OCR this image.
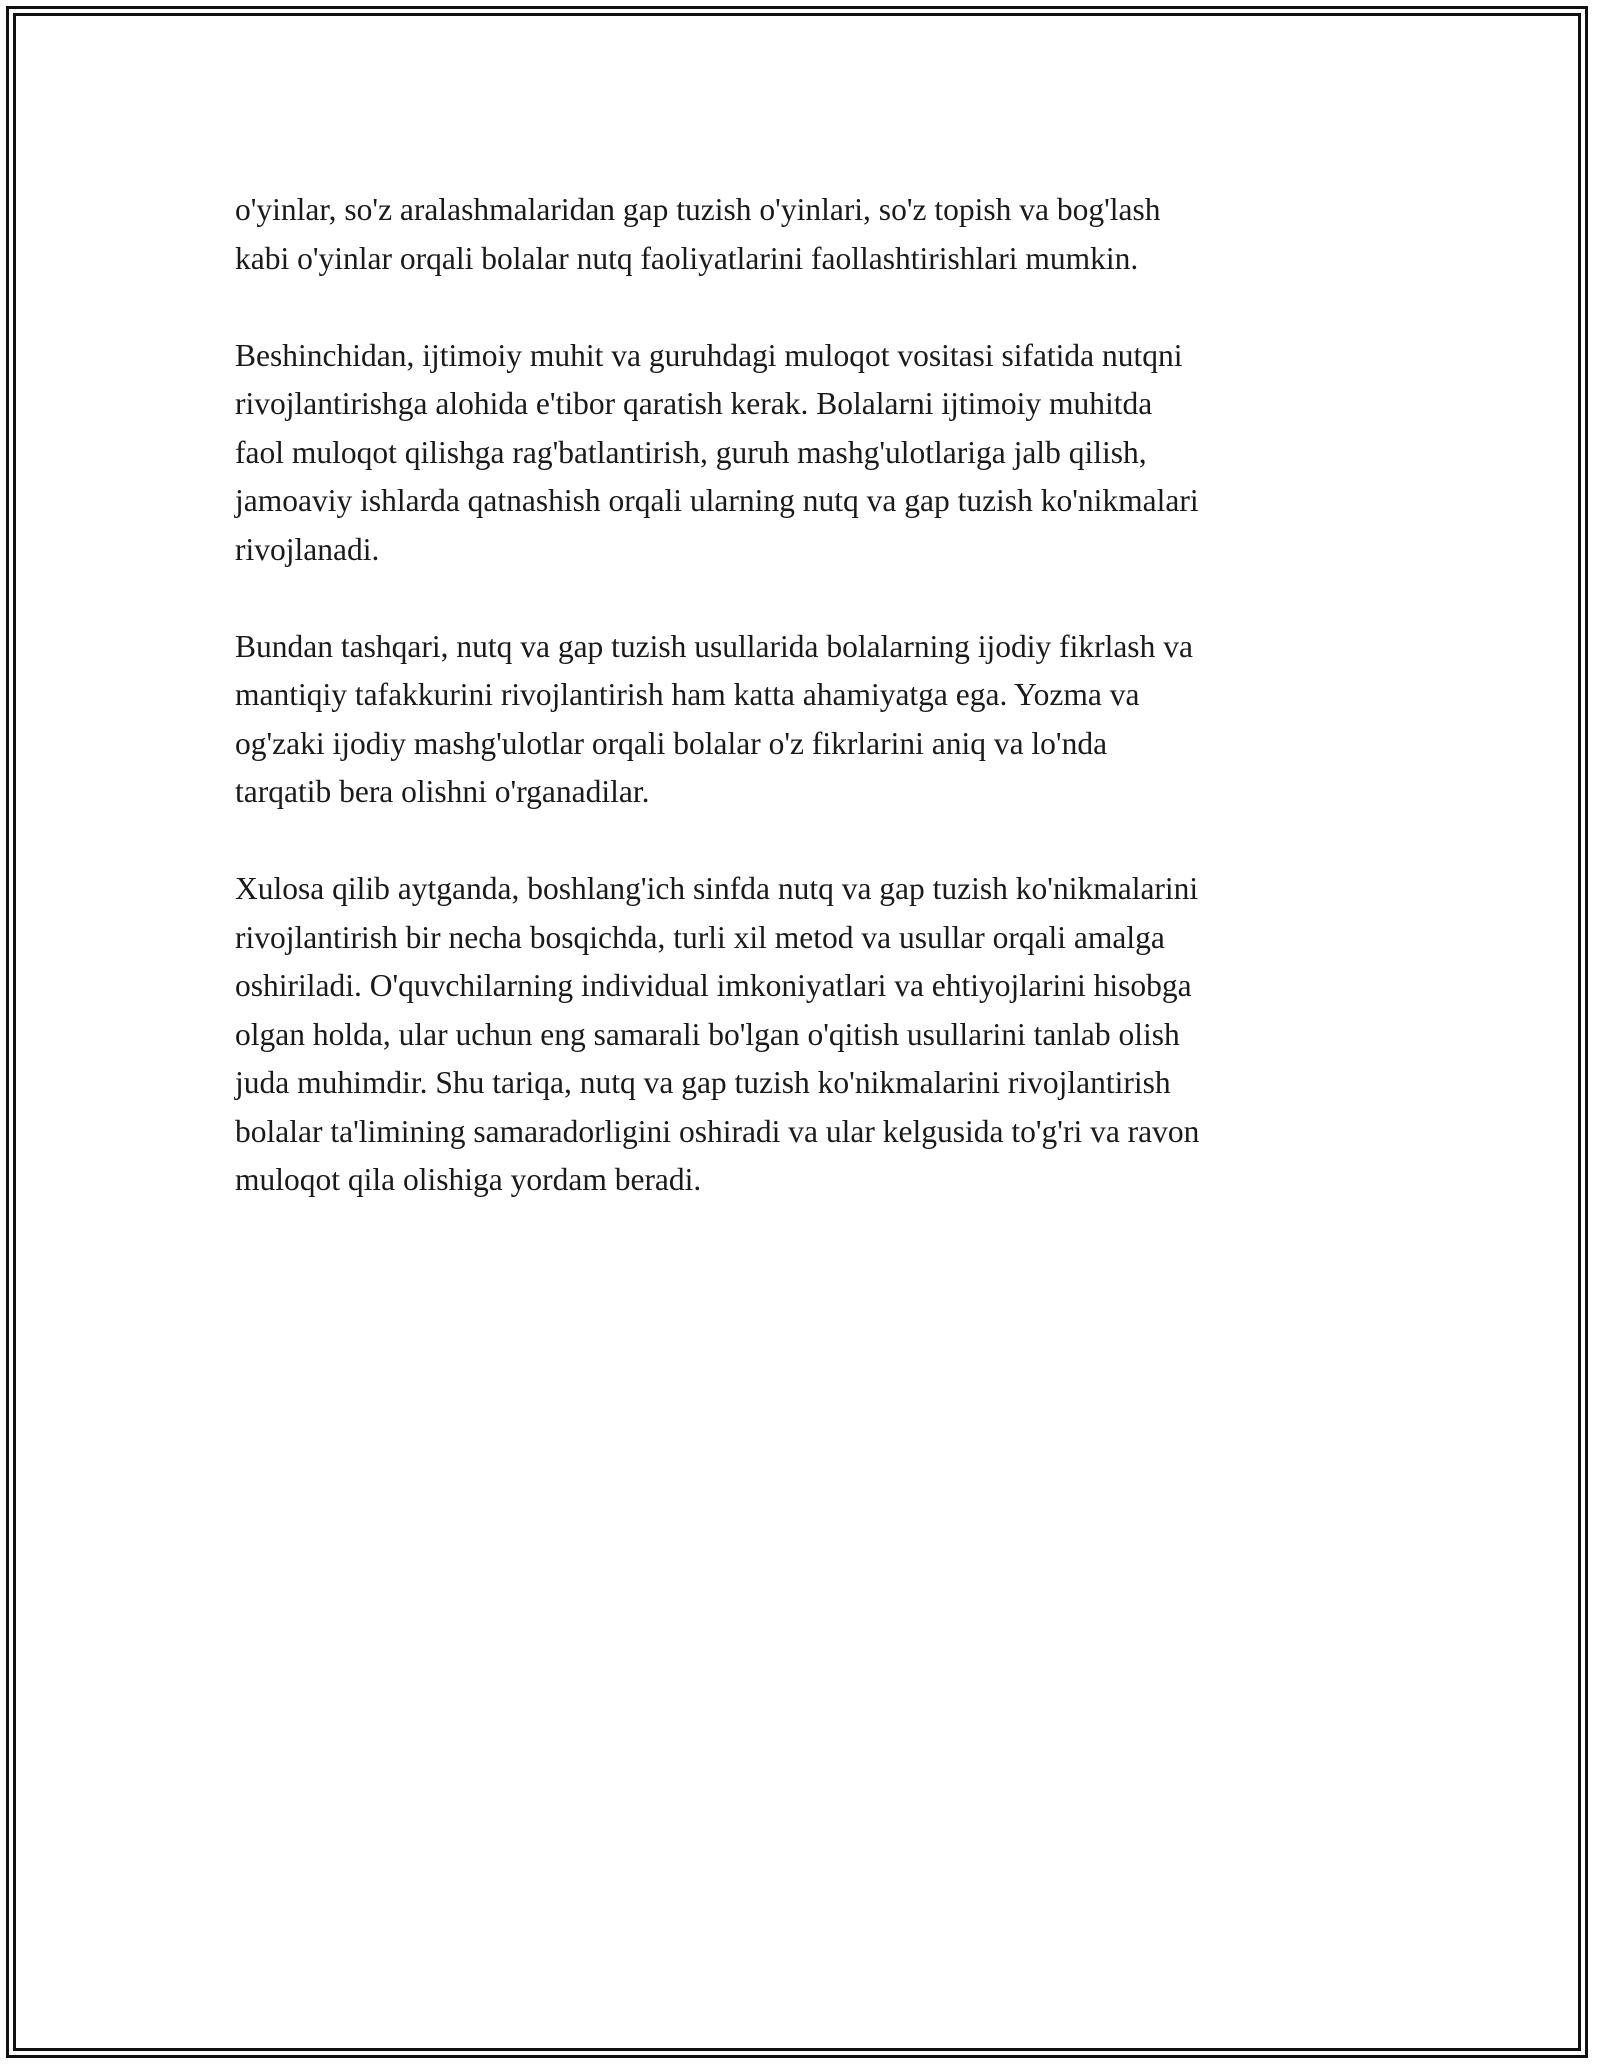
o'yinlar, so'z aralashmalaridan gap tuzish o'yinlari, so'z topish va bog'lash
kabi o'yinlar orqali bolalar nutq faoliyatlarini faollashtirishlari mumkin.

Beshinchidan, ijtimoiy muhit va guruhdagi muloqot vositasi sifatida nutqni
rivojlantirishga alohida e'tibor qaratish kerak. Bolalarni ijtimoiy muhitda
faol muloqot qilishga rag'batlantirish, guruh mashg'ulotlariga jalb qilish,
jamoaviy ishlarda qatnashish orqali ularning nutq va gap tuzish ko'nikmalari
rivojlanadi.

Bundan tashqari, nutq va gap tuzish usullarida bolalarning ijodiy fikrlash va
mantiqiy tafakkurini rivojlantirish ham katta ahamiyatga ega. Yozma va
og'zaki ijodiy mashg'ulotlar orqali bolalar o'z fikrlarini aniq va lo'nda
tarqatib bera olishni o'rganadilar.

Xulosa qilib aytganda, boshlang'ich sinfda nutq va gap tuzish ko'nikmalarini
rivojlantirish bir necha bosqichda, turli xil metod va usullar orqali amalga
oshiriladi. O'quvchilarning individual imkoniyatlari va ehtiyojlarini hisobga
olgan holda, ular uchun eng samarali bo'lgan o'qitish usullarini tanlab olish
juda muhimdir. Shu tariqa, nutq va gap tuzish ko'nikmalarini rivojlantirish
bolalar ta'limining samaradorligini oshiradi va ular kelgusida to'g'ri va ravon
muloqot qila olishiga yordam beradi.
